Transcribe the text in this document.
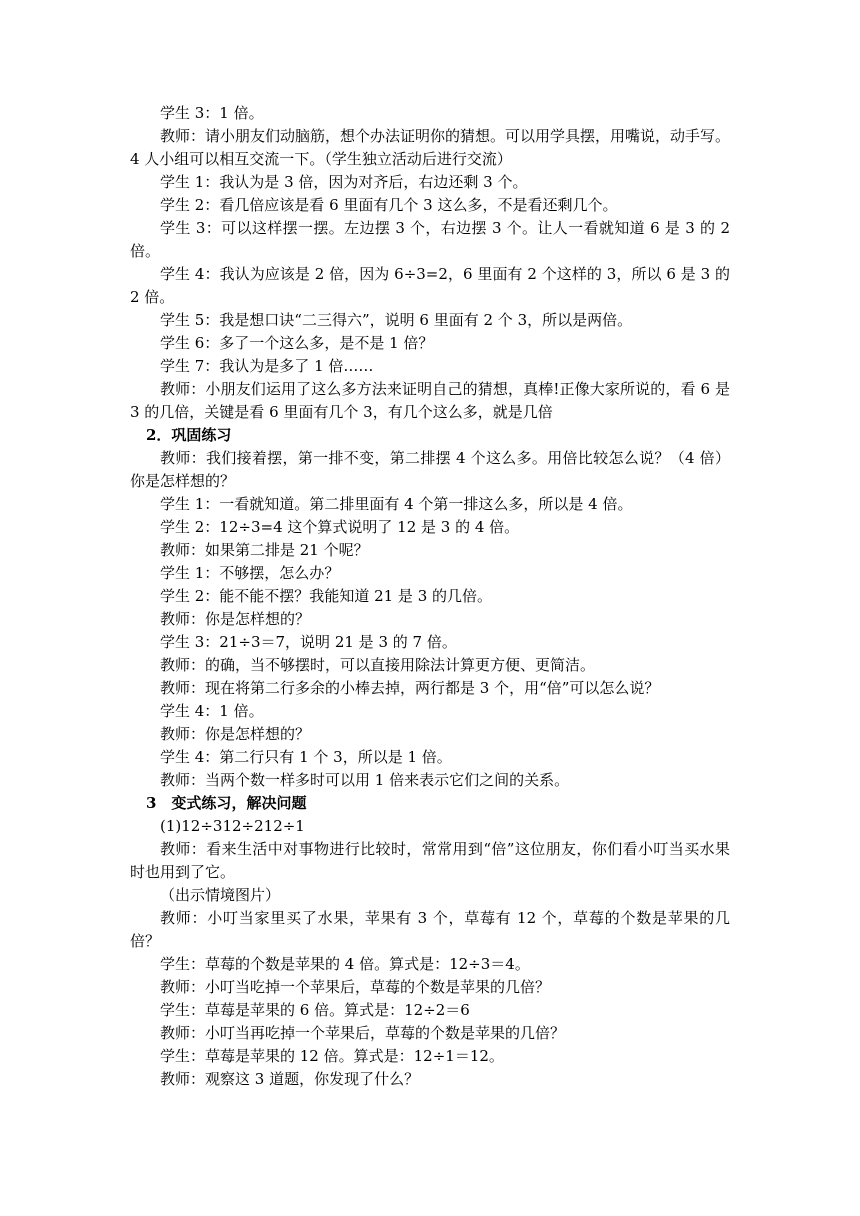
学生 3：1 倍。

教师：请小朋友们动脑筋，想个办法证明你的猜想。可以用学具摆，用嘴说，动手写。4 人小组可以相互交流一下。（学生独立活动后进行交流）

学生 1：我认为是 3 倍，因为对齐后，右边还剩 3 个。

学生 2：看几倍应该是看 6 里面有几个 3 这么多，不是看还剩几个。

学生 3：可以这样摆一摆。左边摆 3 个，右边摆 3 个。让人一看就知道 6 是 3 的 2 倍。

学生 4：我认为应该是 2 倍，因为 6÷3=2，6 里面有 2 个这样的 3，所以 6 是 3 的 2 倍。

学生 5：我是想口诀“二三得六”，说明 6 里面有 2 个 3，所以是两倍。

学生 6：多了一个这么多，是不是 1 倍？

学生 7：我认为是多了 1 倍……

教师：小朋友们运用了这么多方法来证明自己的猜想，真棒!正像大家所说的，看 6 是 3 的几倍，关键是看 6 里面有几个 3，有几个这么多，就是几倍

2．巩固练习

教师：我们接着摆，第一排不变，第二排摆 4 个这么多。用倍比较怎么说？（4 倍）你是怎样想的？

学生 1：一看就知道。第二排里面有 4 个第一排这么多，所以是 4 倍。

学生 2：12÷3=4 这个算式说明了 12 是 3 的 4 倍。

教师：如果第二排是 21 个呢？

学生 1：不够摆，怎么办？

学生 2：能不能不摆？我能知道 21 是 3 的几倍。

教师：你是怎样想的？

学生 3：21÷3＝7，说明 21 是 3 的 7 倍。

教师：的确，当不够摆时，可以直接用除法计算更方便、更简洁。

教师：现在将第二行多余的小棒去掉，两行都是 3 个，用“倍”可以怎么说？

学生 4：1 倍。

教师：你是怎样想的？

学生 4：第二行只有 1 个 3，所以是 1 倍。

教师：当两个数一样多时可以用 1 倍来表示它们之间的关系。

3　变式练习，解决问题

(1)12÷312÷212÷1

教师：看来生活中对事物进行比较时，常常用到“倍”这位朋友，你们看小叮当买水果时也用到了它。

（出示情境图片）

教师：小叮当家里买了水果，苹果有 3 个，草莓有 12 个，草莓的个数是苹果的几倍？

学生：草莓的个数是苹果的 4 倍。算式是：12÷3＝4。

教师：小叮当吃掉一个苹果后，草莓的个数是苹果的几倍？

学生：草莓是苹果的 6 倍。算式是：12÷2＝6

教师：小叮当再吃掉一个苹果后，草莓的个数是苹果的几倍？

学生：草莓是苹果的 12 倍。算式是：12÷1＝12。

教师：观察这 3 道题，你发现了什么？
